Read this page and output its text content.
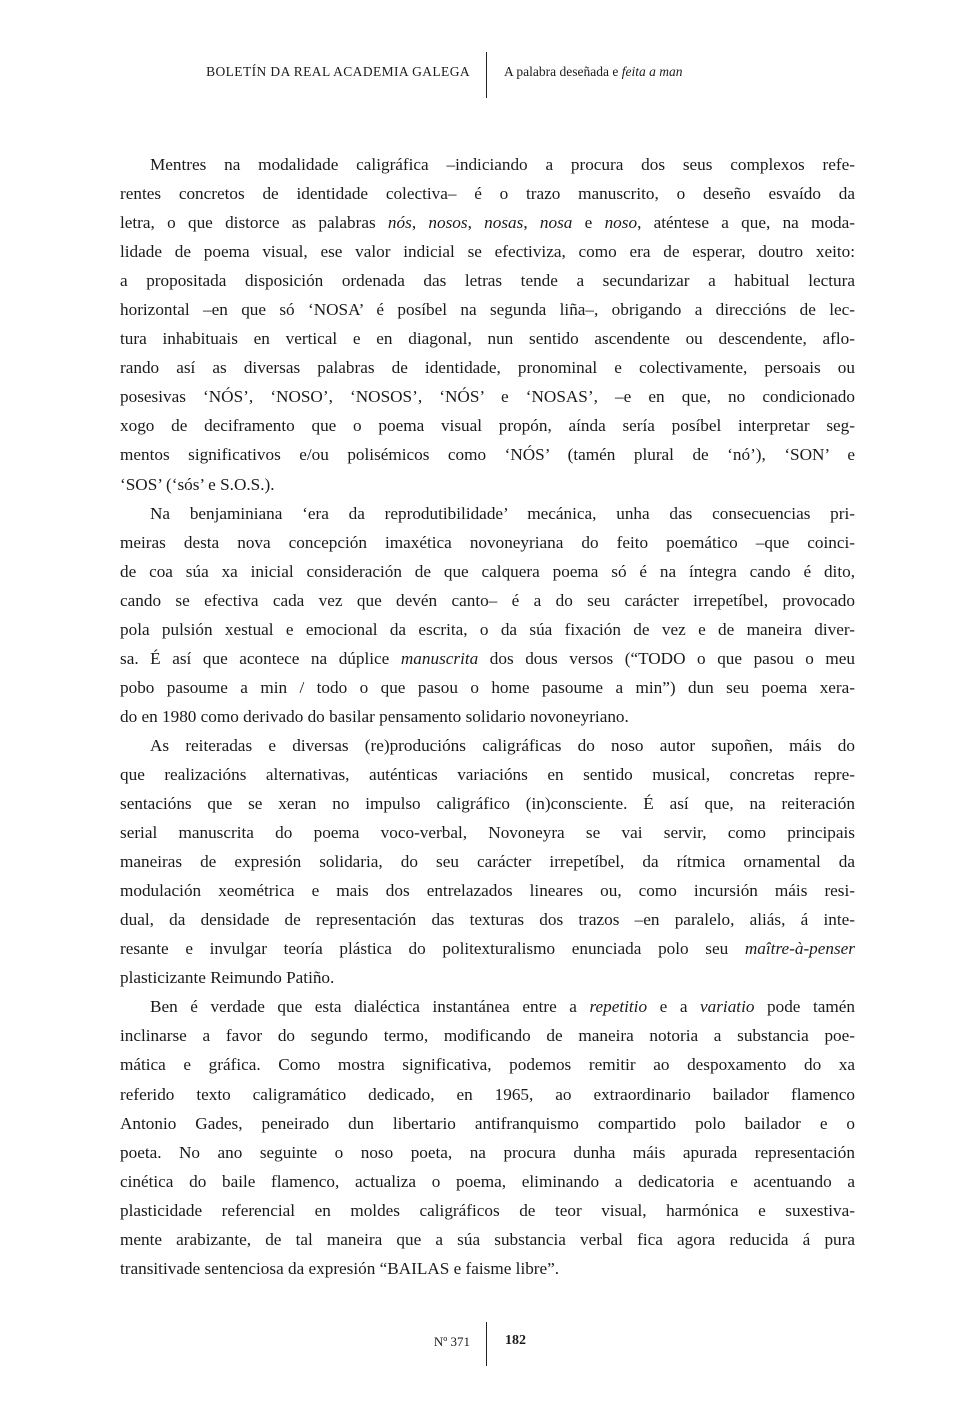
BOLETÍN DA REAL ACADEMIA GALEGA	A palabra deseñada e feita a man
Mentres na modalidade caligráfica –indiciando a procura dos seus complexos refe-
rentes concretos de identidade colectiva– é o trazo manuscrito, o deseño esvaído da
letra, o que distorce as palabras nós, nosos, nosas, nosa e noso, aténtese a que, na moda-
lidade de poema visual, ese valor indicial se efectiviza, como era de esperar, doutro xeito:
a propositada disposición ordenada das letras tende a secundarizar a habitual lectura
horizontal –en que só ‘NOSA’ é posíbel na segunda liña–, obrigando a direccións de lec-
tura inhabituais en vertical e en diagonal, nun sentido ascendente ou descendente, aflo-
rando así as diversas palabras de identidade, pronominal e colectivamente, persoais ou
posesivas ‘NÓS’, ‘NOSO’, ‘NOSOS’, ‘NÓS’ e ‘NOSAS’, –e en que, no condicionado
xogo de deciframento que o poema visual propón, aínda sería posíbel interpretar seg-
mentos significativos e/ou polisémicos como ‘NÓS’ (tamén plural de ‘nó’), ‘SON’ e
‘SOS’ (‘sós’ e S.O.S.).
Na benjaminiana ‘era da reprodutibilidade’ mecánica, unha das consecuencias pri-
meiras desta nova concepción imaxética novoneyriana do feito poemático –que coinci-
de coa súa xa inicial consideración de que calquera poema só é na íntegra cando é dito,
cando se efectiva cada vez que devén canto– é a do seu carácter irrepetíbel, provocado
pola pulsión xestual e emocional da escrita, o da súa fixación de vez e de maneira diver-
sa. É así que acontece na dúplice manuscrita dos dous versos (“TODO o que pasou o meu
pobo pasoume a min / todo o que pasou o home pasoume a min”) dun seu poema xera-
do en 1980 como derivado do basilar pensamento solidario novoneyriano.
As reiteradas e diversas (re)producións caligráficas do noso autor supoñen, máis do
que realizacións alternativas, auténticas variacións en sentido musical, concretas repre-
sentacións que se xeran no impulso caligráfico (in)consciente. É así que, na reiteración
serial manuscrita do poema voco-verbal, Novoneyra se vai servir, como principais
maneiras de expresión solidaria, do seu carácter irrepetíbel, da rítmica ornamental da
modulación xeométrica e mais dos entrelazados lineares ou, como incursión máis resi-
dual, da densidade de representación das texturas dos trazos –en paralelo, aliás, á inte-
resante e invulgar teoría plástica do politexturalismo enunciada polo seu maître-à-penser
plasticizante Reimundo Patiño.
Ben é verdade que esta dialéctica instantánea entre a repetitio e a variatio pode tamén
inclinarse a favor do segundo termo, modificando de maneira notoria a substancia poe-
mática e gráfica. Como mostra significativa, podemos remitir ao despoxamento do xa
referido texto caligramático dedicado, en 1965, ao extraordinario bailador flamenco
Antonio Gades, peneirado dun libertario antifranquismo compartido polo bailador e o
poeta. No ano seguinte o noso poeta, na procura dunha máis apurada representación
cinética do baile flamenco, actualiza o poema, eliminando a dedicatoria e acentuando a
plasticidade referencial en moldes caligráficos de teor visual, harmónica e suxestiva-
mente arabizante, de tal maneira que a súa substancia verbal fica agora reducida á pura
transitivade sentenciosa da expresión “BAILAS e faisme libre”.
Nº 371	182
